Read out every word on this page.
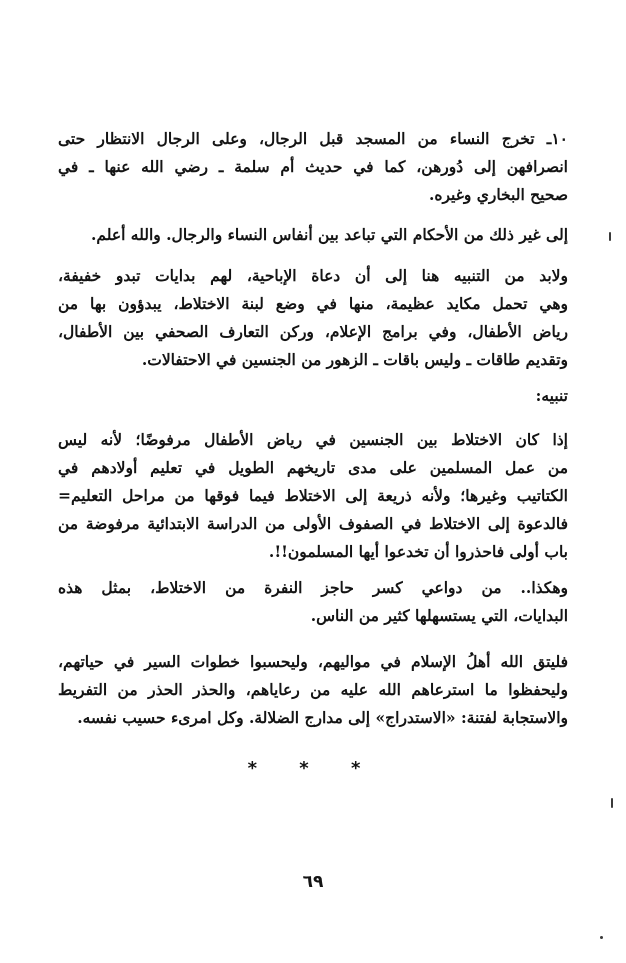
١٠ـ تخرج النساء من المسجد قبل الرجال، وعلى الرجال الانتظار حتى
انصرافهن إلى دُورهن، كما في حديث أم سلمة ـ رضي الله عنها ـ في
صحيح البخاري وغيره.
إلى غير ذلك من الأحكام التي تباعد بين أنفاس النساء والرجال. والله أعلم.
ولابد من التنبيه هنا إلى أن دعاة الإباحية، لهم بدايات تبدو خفيفة،
وهي تحمل مكايد عظيمة، منها في وضع لبنة الاختلاط، يبدؤون بها من
رياض الأطفال، وفي برامج الإعلام، وركن التعارف الصحفي بين الأطفال،
وتقديم طاقات ـ وليس باقات ـ الزهور من الجنسين في الاحتفالات.
تنبيه:
إذا كان الاختلاط بين الجنسين في رياض الأطفال مرفوضًا؛ لأنه ليس
من عمل المسلمين على مدى تاريخهم الطويل في تعليم أولادهم في
الكتاتيب وغيرها؛ ولأنه ذريعة إلى الاختلاط فيما فوقها من مراحل التعليم=
فالدعوة إلى الاختلاط في الصفوف الأولى من الدراسة الابتدائية مرفوضة من
باب أولى فاحذروا أن تخدعوا أيها المسلمون!!.
وهكذا.. من دواعي كسر حاجز النفرة من الاختلاط، بمثل هذه
البدايات، التي يستسهلها كثير من الناس.
فليتق الله أهلُ الإسلام في مواليهم، وليحسبوا خطوات السير في حياتهم،
وليحفظوا ما استرعاهم الله عليه من رعاياهم، والحذر الحذر من التفريط
والاستجابة لفتنة: «الاستدراج» إلى مدارج الضلالة. وكل امرىء حسيب نفسه.
* * *
٦٩
